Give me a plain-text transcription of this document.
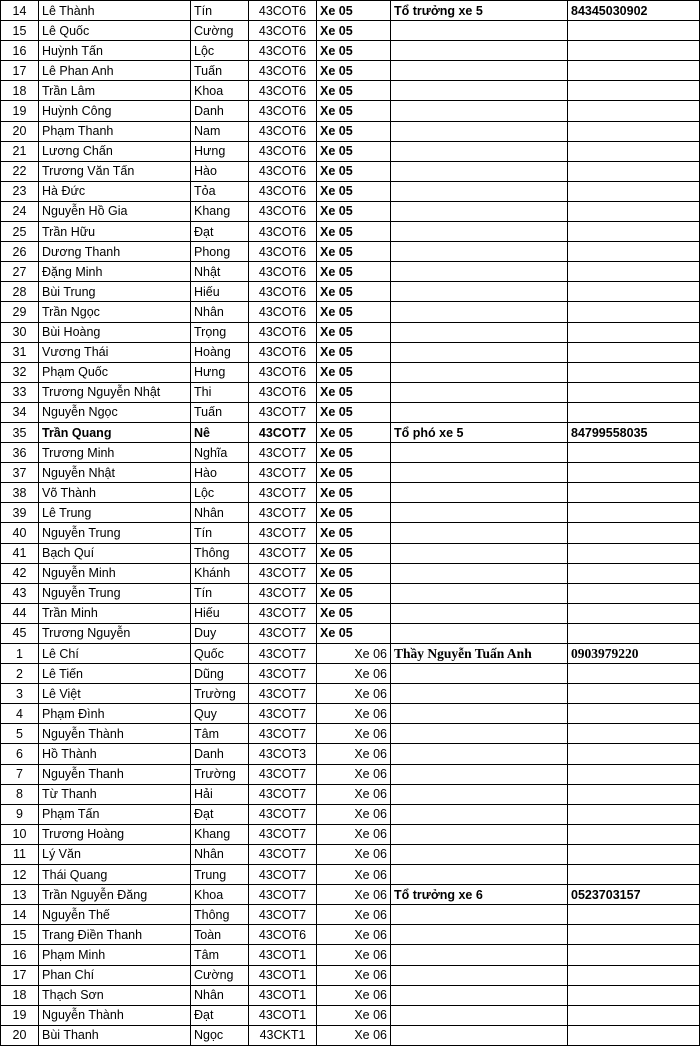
14	Lê Thành	Tín	43COT6	Xe 05	Tổ trưởng xe 5	84345030902
15	Lê Quốc	Cường	43COT6	Xe 05		
16	Huỳnh Tấn	Lộc	43COT6	Xe 05		
17	Lê Phan Anh	Tuấn	43COT6	Xe 05		
18	Trần Lâm	Khoa	43COT6	Xe 05		
19	Huỳnh Công	Danh	43COT6	Xe 05		
20	Phạm Thanh	Nam	43COT6	Xe 05		
21	Lương Chấn	Hưng	43COT6	Xe 05		
22	Trương Văn Tấn	Hào	43COT6	Xe 05		
23	Hà Đức	Tỏa	43COT6	Xe 05		
24	Nguyễn Hồ Gia	Khang	43COT6	Xe 05		
25	Trần Hữu	Đạt	43COT6	Xe 05		
26	Dương Thanh	Phong	43COT6	Xe 05		
27	Đặng Minh	Nhật	43COT6	Xe 05		
28	Bùi Trung	Hiếu	43COT6	Xe 05		
29	Trần Ngọc	Nhân	43COT6	Xe 05		
30	Bùi Hoàng	Trọng	43COT6	Xe 05		
31	Vương Thái	Hoàng	43COT6	Xe 05		
32	Phạm Quốc	Hưng	43COT6	Xe 05		
33	Trương Nguyễn Nhật	Thi	43COT6	Xe 05		
34	Nguyễn Ngọc	Tuấn	43COT7	Xe 05		
35	Trần Quang	Nê	43COT7	Xe 05	Tổ phó xe 5	84799558035
36	Trương Minh	Nghĩa	43COT7	Xe 05		
37	Nguyễn Nhật	Hào	43COT7	Xe 05		
38	Võ Thành	Lộc	43COT7	Xe 05		
39	Lê Trung	Nhân	43COT7	Xe 05		
40	Nguyễn Trung	Tín	43COT7	Xe 05		
41	Bạch Quí	Thông	43COT7	Xe 05		
42	Nguyễn Minh	Khánh	43COT7	Xe 05		
43	Nguyễn Trung	Tín	43COT7	Xe 05		
44	Trần Minh	Hiếu	43COT7	Xe 05		
45	Trương Nguyễn	Duy	43COT7	Xe 05		
1	Lê Chí	Quốc	43COT7	Xe 06	Thầy Nguyễn Tuấn Anh	0903979220
2	Lê Tiến	Dũng	43COT7	Xe 06		
3	Lê Việt	Trường	43COT7	Xe 06		
4	Phạm Đình	Quy	43COT7	Xe 06		
5	Nguyễn Thành	Tâm	43COT7	Xe 06		
6	Hồ Thành	Danh	43COT3	Xe 06		
7	Nguyễn Thanh	Trường	43COT7	Xe 06		
8	Từ Thanh	Hải	43COT7	Xe 06		
9	Phạm Tấn	Đạt	43COT7	Xe 06		
10	Trương Hoàng	Khang	43COT7	Xe 06		
11	Lý Văn	Nhân	43COT7	Xe 06		
12	Thái Quang	Trung	43COT7	Xe 06		
13	Trần Nguyễn Đăng	Khoa	43COT7	Xe 06	Tổ trưởng xe 6	0523703157
14	Nguyễn Thế	Thông	43COT7	Xe 06		
15	Trang Điền Thanh	Toàn	43COT6	Xe 06		
16	Phạm Minh	Tâm	43COT1	Xe 06		
17	Phan Chí	Cường	43COT1	Xe 06		
18	Thạch Sơn	Nhân	43COT1	Xe 06		
19	Nguyễn Thành	Đạt	43COT1	Xe 06		
20	Bùi Thanh	Ngọc	43CKT1	Xe 06		
